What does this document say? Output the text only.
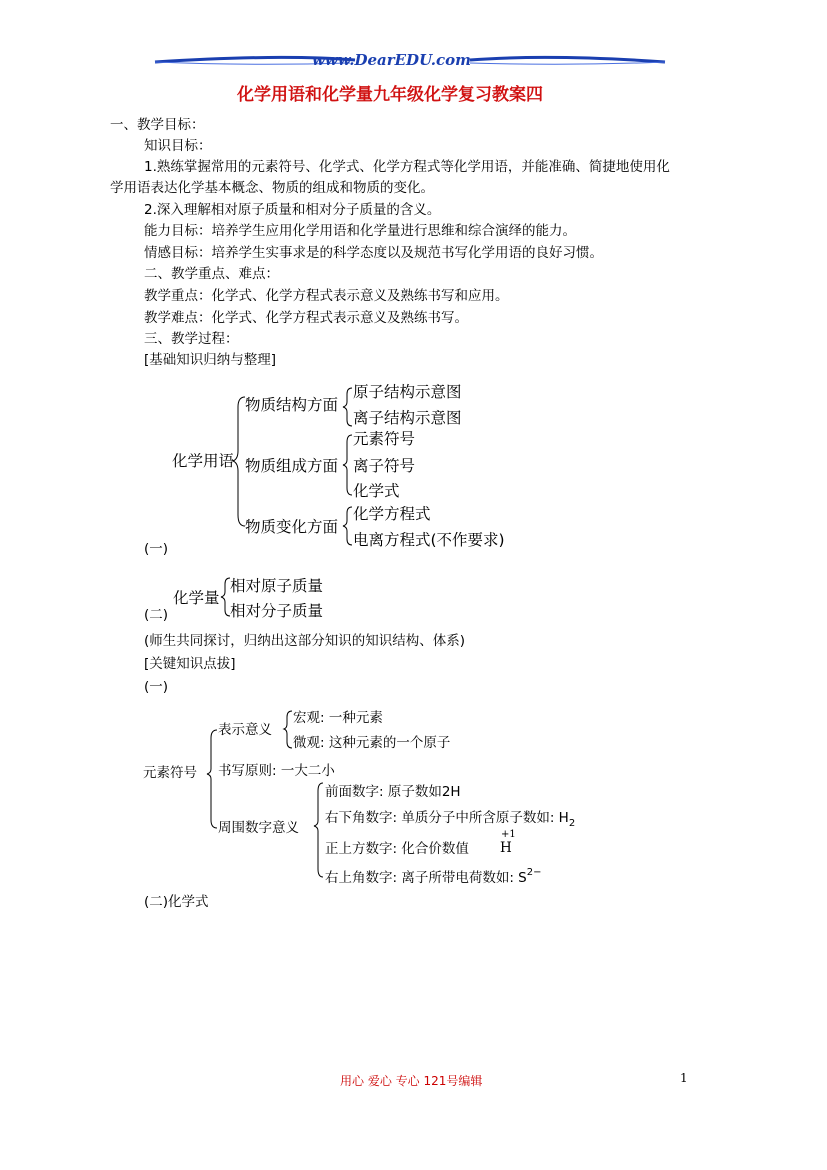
www.DearEDU.com
化学用语和化学量九年级化学复习教案四
一、教学目标：
知识目标：
1.熟练掌握常用的元素符号、化学式、化学方程式等化学用语，并能准确、简捷地使用化
学用语表达化学基本概念、物质的组成和物质的变化。
2.深入理解相对原子质量和相对分子质量的含义。
能力目标：培养学生应用化学用语和化学量进行思维和综合演绎的能力。
情感目标：培养学生实事求是的科学态度以及规范书写化学用语的良好习惯。
二、教学重点、难点：
教学重点：化学式、化学方程式表示意义及熟练书写和应用。
教学难点：化学式、化学方程式表示意义及熟练书写。
三、教学过程：
[基础知识归纳与整理]
化学用语
物质结构方面
原子结构示意图
离子结构示意图
物质组成方面
元素符号
离子符号
化学式
物质变化方面
化学方程式
电离方程式(不作要求)
(一)
化学量
相对原子质量
相对分子质量
(二)
(师生共同探讨，归纳出这部分知识的知识结构、体系)
[关键知识点拔]
(一)
元素符号
表示意义
宏观: 一种元素
微观: 这种元素的一个原子
书写原则: 一大二小
周围数字意义
前面数字: 原子数如2H
右下角数字: 单质分子中所含原子数如: $H_2$
正上方数字: 化合价数值
+1
H
右上角数字: 离子所带电荷数如: $S^{2-}$
(二)化学式
用心 爱心 专心 121号编辑	1
